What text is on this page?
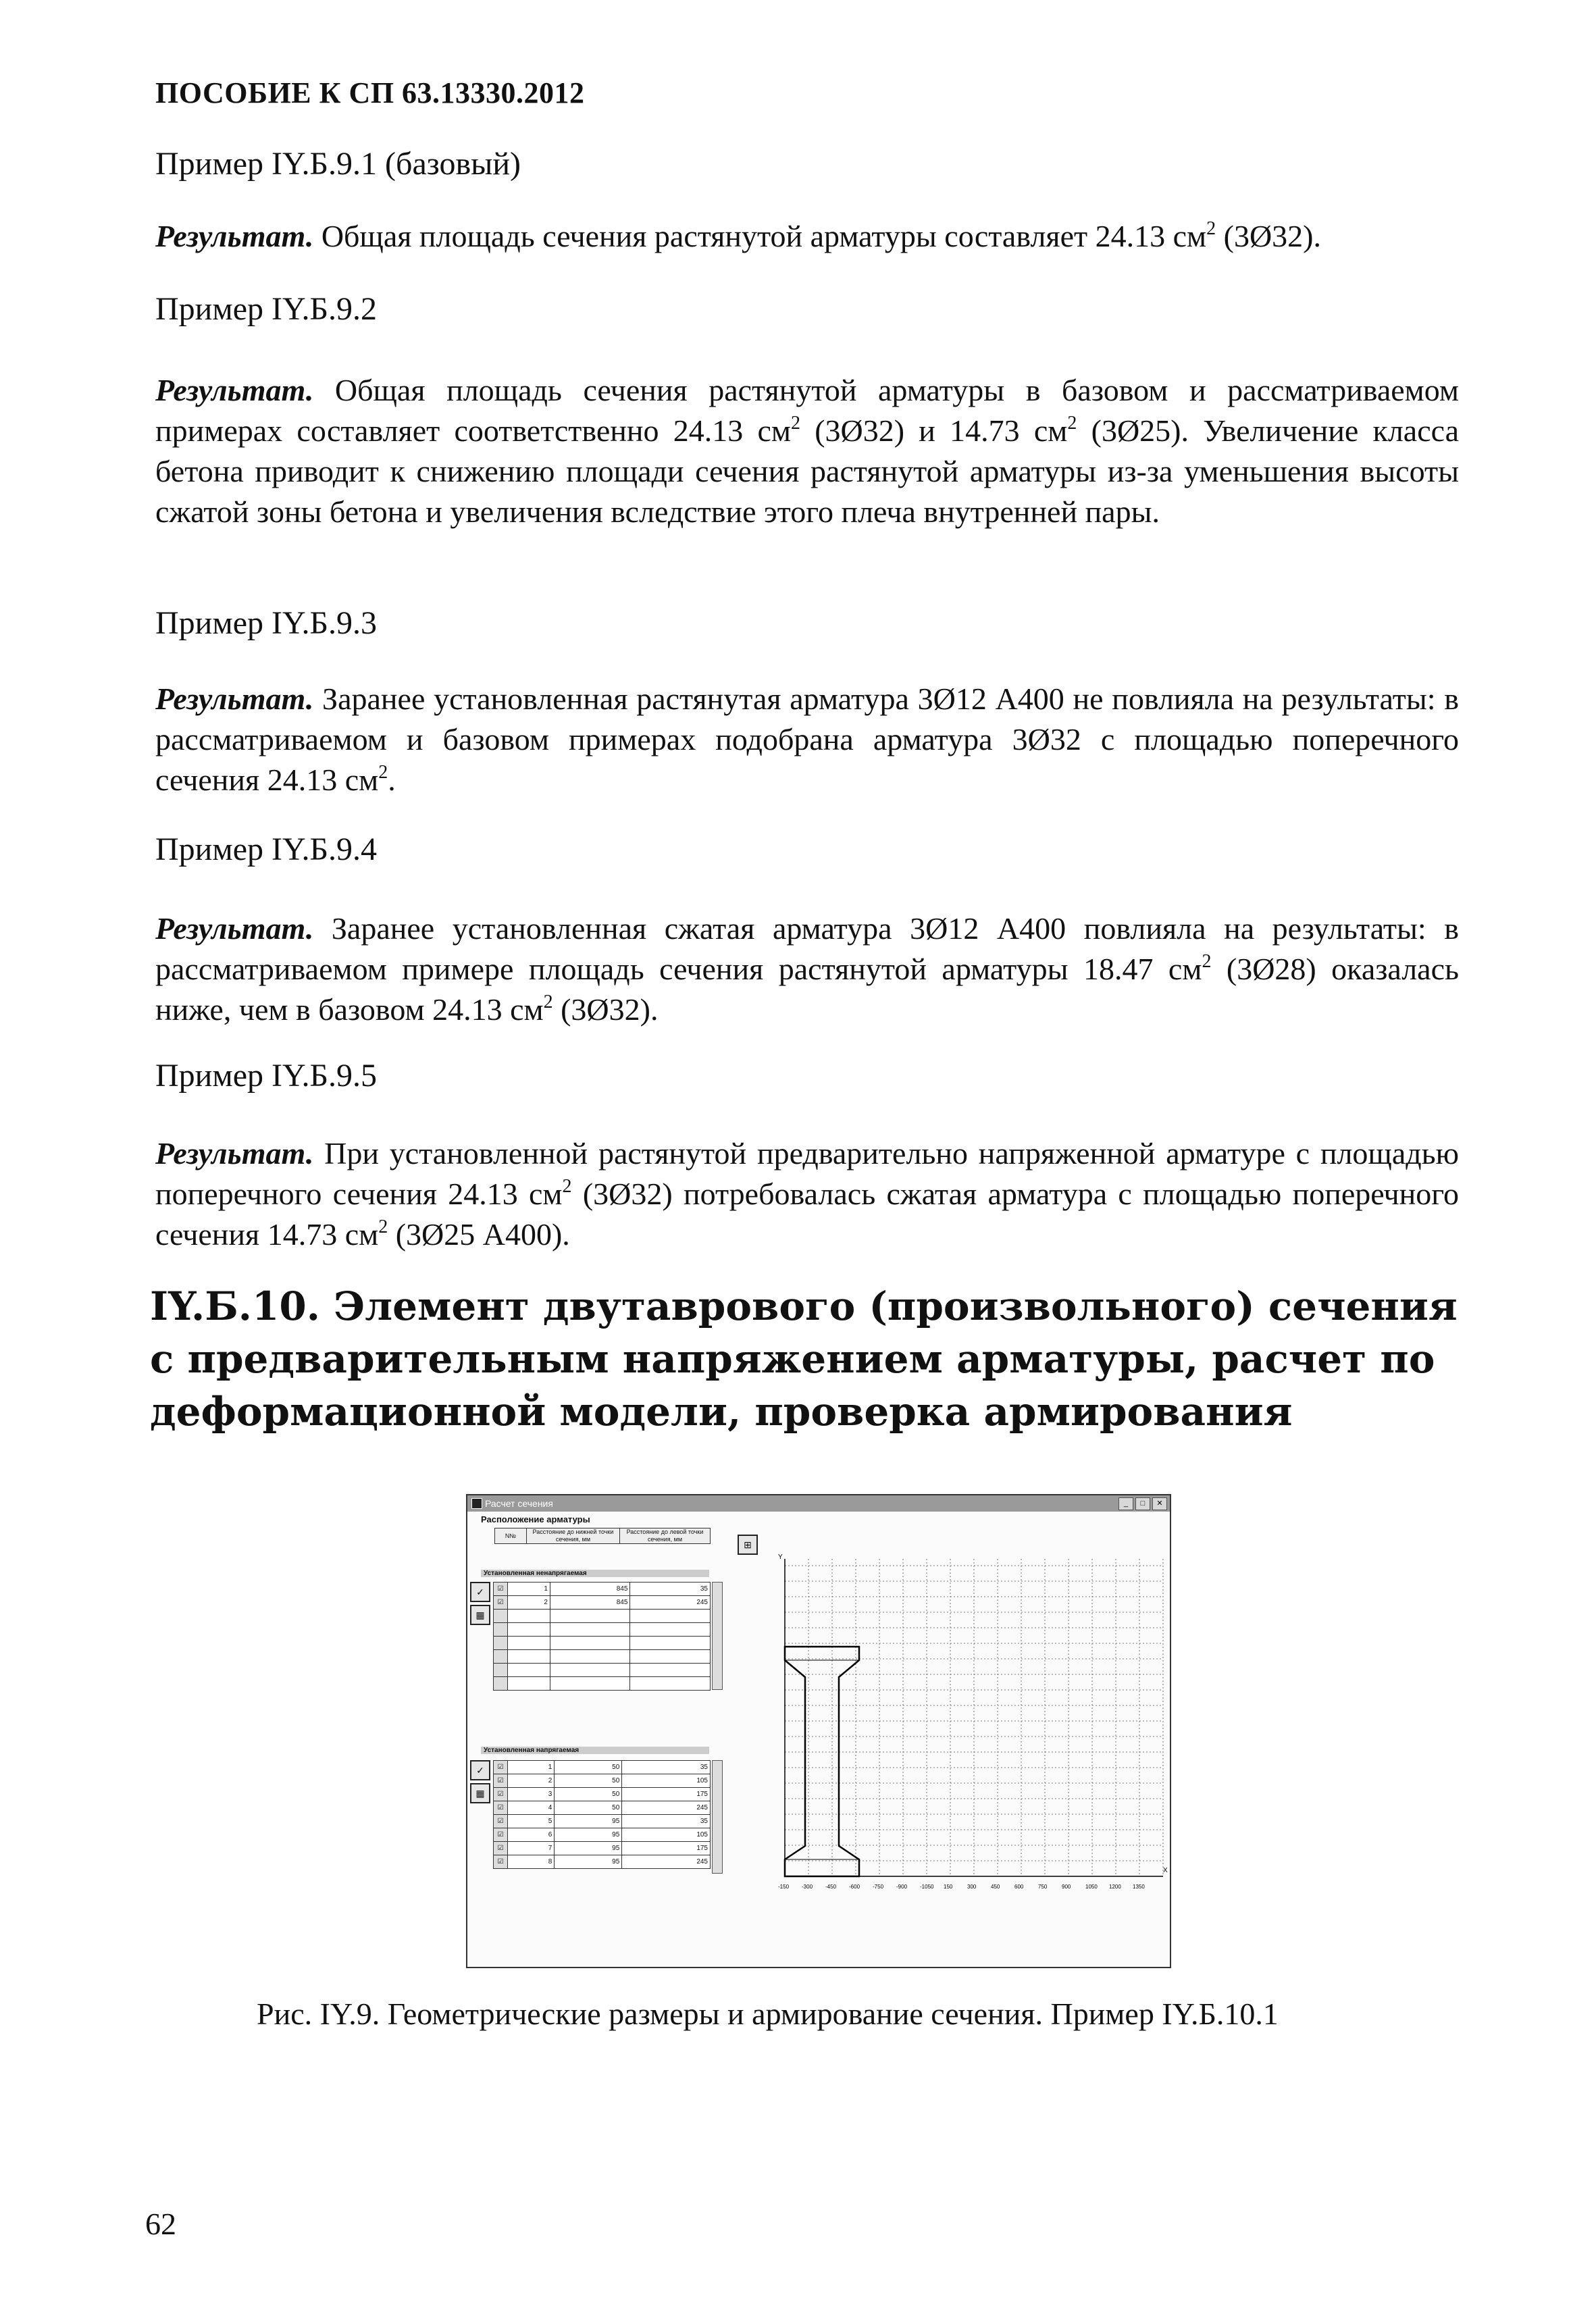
ПОСОБИЕ К СП 63.13330.2012
Пример IY.Б.9.1 (базовый)
Результат. Общая площадь сечения растянутой арматуры составляет 24.13 $см^2$ (3Ø32).
Пример IY.Б.9.2
Результат. Общая площадь сечения растянутой арматуры в базовом и рассматриваемом примерах составляет соответственно 24.13 $см^2$ (3Ø32) и 14.73 $см^2$ (3Ø25). Увеличение класса бетона приводит к снижению площади сечения растянутой арматуры из-за уменьшения высоты сжатой зоны бетона и увеличения вследствие этого плеча внутренней пары.
Пример IY.Б.9.3
Результат. Заранее установленная растянутая арматура 3Ø12 А400 не повлияла на результаты: в рассматриваемом и базовом примерах подобрана арматура 3Ø32 с площадью поперечного сечения 24.13 $см^2$.
Пример IY.Б.9.4
Результат. Заранее установленная сжатая арматура 3Ø12 А400 повлияла на результаты: в рассматриваемом примере площадь сечения растянутой арматуры 18.47 $см^2$ (3Ø28) оказалась ниже, чем в базовом 24.13 $см^2$ (3Ø32).
Пример IY.Б.9.5
Результат. При установленной растянутой предварительно напряженной арматуре с площадью поперечного сечения 24.13 $см^2$ (3Ø32) потребовалась сжатая арматура с площадью поперечного сечения 14.73 $см^2$ (3Ø25 А400).
IY.Б.10. Элемент двутаврового (произвольного) сечения с предварительным напряжением арматуры, расчет по деформационной модели, проверка армирования
Расчет сечения	_	□	✕
Расположение арматуры
N№	Расстояние до нижней точки сечения, мм	Расстояние до левой точки сечения, мм
Установленная ненапрягаемая
✓
▦
☑	1	845	35
☑	2	845	245

Установленная напрягаемая
✓
▦
☑	1	50	35
☑	2	50	105
☑	3	50	175
☑	4	50	245
☑	5	95	35
☑	6	95	105
☑	7	95	175
☑	8	95	245
⊞
Y
X
-150 -300 -450 -600 -750 -900 -1050 150	300	450	600	750	900	1050 1200 1350
Рис. IY.9. Геометрические размеры и армирование сечения. Пример IY.Б.10.1
62
